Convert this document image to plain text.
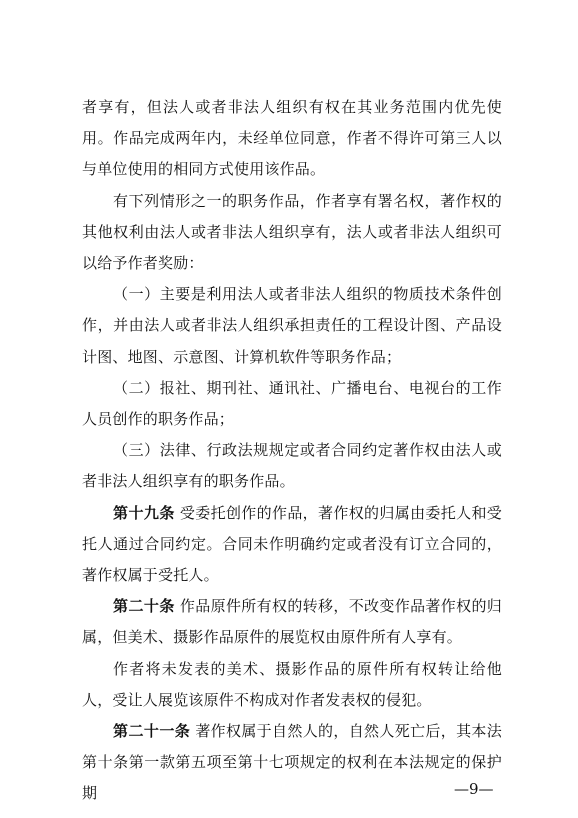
者享有，但法人或者非法人组织有权在其业务范围内优先使用。作品完成两年内，未经单位同意，作者不得许可第三人以与单位使用的相同方式使用该作品。

有下列情形之一的职务作品，作者享有署名权，著作权的其他权利由法人或者非法人组织享有，法人或者非法人组织可以给予作者奖励：

（一）主要是利用法人或者非法人组织的物质技术条件创作，并由法人或者非法人组织承担责任的工程设计图、产品设计图、地图、示意图、计算机软件等职务作品；

（二）报社、期刊社、通讯社、广播电台、电视台的工作人员创作的职务作品；

（三）法律、行政法规规定或者合同约定著作权由法人或者非法人组织享有的职务作品。

第十九条 受委托创作的作品，著作权的归属由委托人和受托人通过合同约定。合同未作明确约定或者没有订立合同的，著作权属于受托人。

第二十条 作品原件所有权的转移，不改变作品著作权的归属，但美术、摄影作品原件的展览权由原件所有人享有。

作者将未发表的美术、摄影作品的原件所有权转让给他人，受让人展览该原件不构成对作者发表权的侵犯。

第二十一条 著作权属于自然人的，自然人死亡后，其本法第十条第一款第五项至第十七项规定的权利在本法规定的保护期	—9—
